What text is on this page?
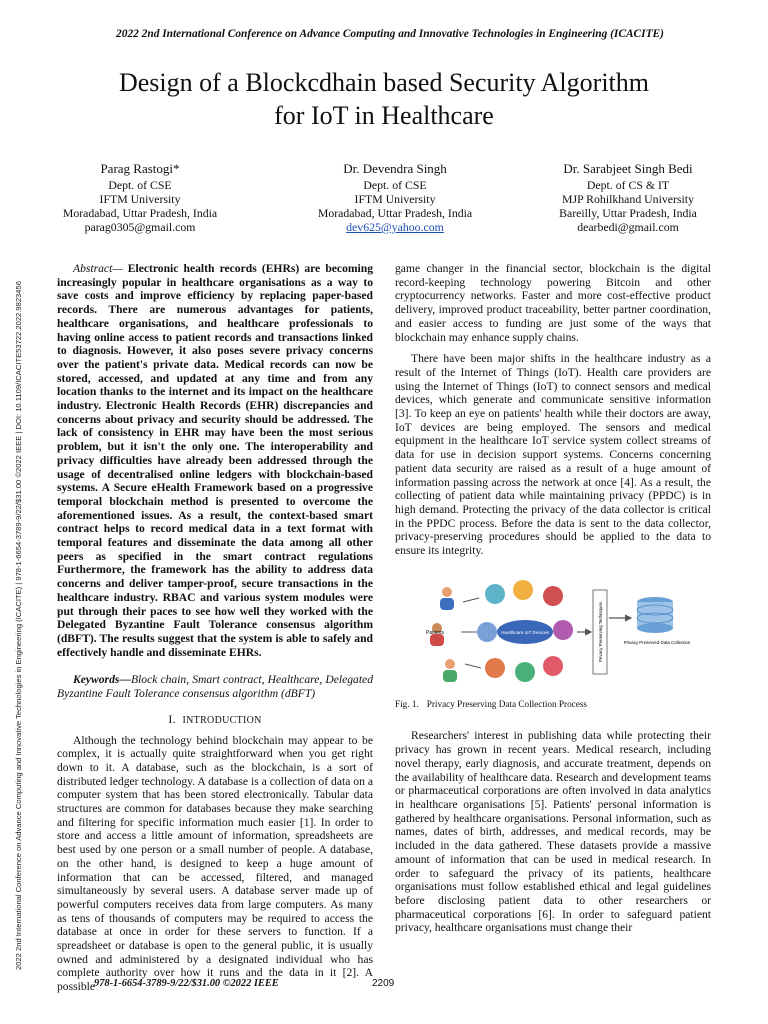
2022 2nd International Conference on Advance Computing and Innovative Technologies in Engineering (ICACITE)
Design of a Blockcdhain based Security Algorithm
for IoT in Healthcare
2022 2nd International Conference on Advance Computing and Innovative Technologies in Engineering (ICACITE) | 978-1-6654-3789-9/22/$31.00 ©2022 IEEE | DOI: 10.1109/ICACITE53722.2022.9823456
Parag Rastogi*
Dept. of CSE
IFTM University
Moradabad, Uttar Pradesh, India
parag0305@gmail.com
Dr. Devendra Singh
Dept. of CSE
IFTM University
Moradabad, Uttar Pradesh, India
dev625@yahoo.com
Dr. Sarabjeet Singh Bedi
Dept. of CS & IT
MJP Rohilkhand University
Bareilly, Uttar Pradesh, India
dearbedi@gmail.com

Abstract— Electronic health records (EHRs) are becoming increasingly popular in healthcare organisations as a way to save costs and improve efficiency by replacing paper-based records. There are numerous advantages for patients, healthcare organisations, and healthcare professionals to having online access to patient records and transactions linked to diagnosis. However, it also poses severe privacy concerns over the patient's private data. Medical records can now be stored, accessed, and updated at any time and from any location thanks to the internet and its impact on the healthcare industry. Electronic Health Records (EHR) discrepancies and concerns about privacy and security should be addressed. The lack of consistency in EHR may have been the most serious problem, but it isn't the only one. The interoperability and privacy difficulties have already been addressed through the usage of decentralised online ledgers with blockchain-based systems. A Secure eHealth Framework based on a progressive temporal blockchain method is presented to overcome the aforementioned issues. As a result, the context-based smart contract helps to record medical data in a text format with temporal features and disseminate the data among all other peers as specified in the smart contract regulations Furthermore, the framework has the ability to address data concerns and deliver tamper-proof, secure transactions in the healthcare industry. RBAC and various system modules were put through their paces to see how well they worked with the Delegated Byzantine Fault Tolerance consensus algorithm (dBFT). The results suggest that the system is able to safely and effectively handle and disseminate EHRs.

Keywords—Block chain, Smart contract, Healthcare, Delegated Byzantine Fault Tolerance consensus algorithm (dBFT)

I. INTRODUCTION

Although the technology behind blockchain may appear to be complex, it is actually quite straightforward when you get right down to it. A database, such as the blockchain, is a sort of distributed ledger technology. A database is a collection of data on a computer system that has been stored electronically. Tabular data structures are common for databases because they make searching and filtering for specific information much easier [1]. In order to store and access a little amount of information, spreadsheets are best used by one person or a small number of people. A database, on the other hand, is designed to keep a huge amount of information that can be accessed, filtered, and managed simultaneously by several users. A database server made up of powerful computers receives data from large computers. As many as tens of thousands of computers may be required to access the database at once in order for these servers to function. If a spreadsheet or database is open to the general public, it is usually owned and administered by a designated individual who has complete authority over how it runs and the data in it [2]. A possible

game changer in the financial sector, blockchain is the digital record-keeping technology powering Bitcoin and other cryptocurrency networks. Faster and more cost-effective product delivery, improved product traceability, better partner coordination, and easier access to funding are just some of the ways that blockchain may enhance supply chains.

There have been major shifts in the healthcare industry as a result of the Internet of Things (IoT). Health care providers are using the Internet of Things (IoT) to connect sensors and medical devices, which generate and communicate sensitive information [3]. To keep an eye on patients' health while their doctors are away, IoT devices are being employed. The sensors and medical equipment in the healthcare IoT service system collect streams of data for use in decision support systems. Concerns concerning patient data security are raised as a result of a huge amount of information passing across the network at once [4]. As a result, the collecting of patient data while maintaining privacy (PPDC) is in high demand. Protecting the privacy of the data collector is critical in the PPDC process. Before the data is sent to the data collector, privacy-preserving procedures should be applied to the data to ensure its integrity.

Patients	Healthcare IoT Devices	Privacy Preserving Techniques	Privacy Preserved Data Collection
Fig. 1. Privacy Preserving Data Collection Process

Researchers' interest in publishing data while protecting their privacy has grown in recent years. Medical research, including novel therapy, early diagnosis, and accurate treatment, depends on the availability of healthcare data. Research and development teams or pharmaceutical corporations are often involved in data analytics in healthcare organisations [5]. Patients' personal information is gathered by healthcare organisations. Personal information, such as names, dates of birth, addresses, and medical records, may be included in the data gathered. These datasets provide a massive amount of information that can be used in medical research. In order to safeguard the privacy of its patients, healthcare organisations must follow established ethical and legal guidelines before disclosing patient data to other researchers or pharmaceutical corporations [6]. In order to safeguard patient privacy, healthcare organisations must change their

978-1-6654-3789-9/22/$31.00 ©2022 IEEE	2209
